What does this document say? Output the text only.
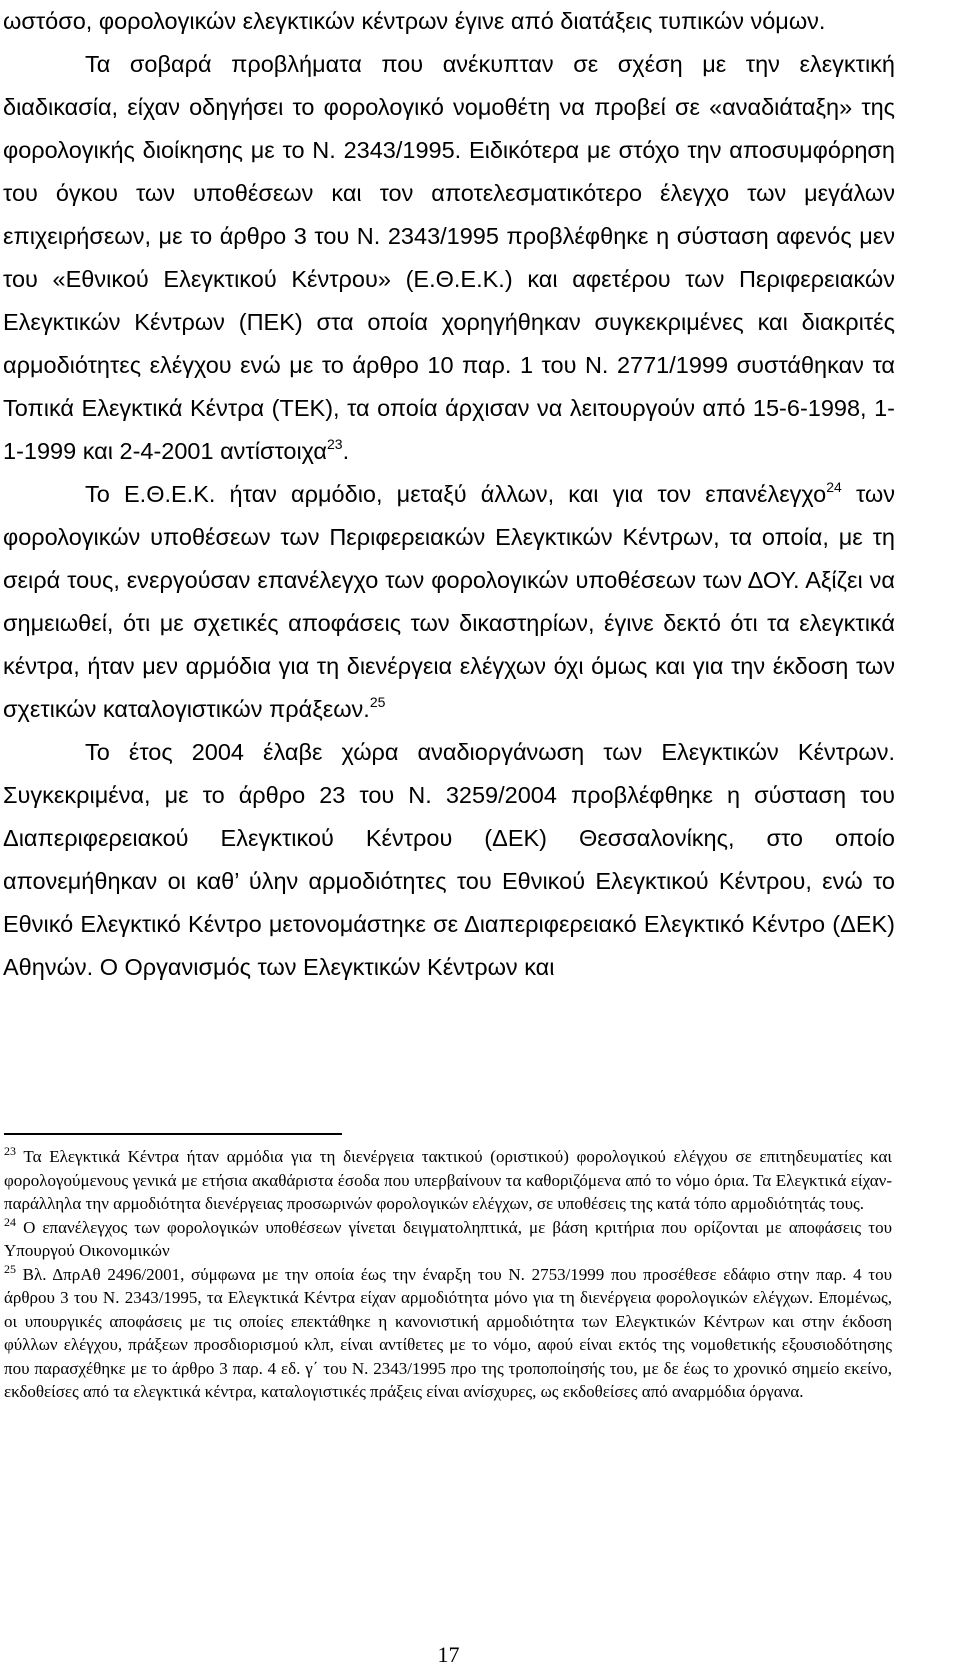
ωστόσο, φορολογικών ελεγκτικών κέντρων έγινε από διατάξεις τυπικών νόμων.

Τα σοβαρά προβλήματα που ανέκυπταν σε σχέση με την ελεγκτική διαδικασία, είχαν οδηγήσει το φορολογικό νομοθέτη να προβεί σε «αναδιάταξη» της φορολογικής διοίκησης με το Ν. 2343/1995. Ειδικότερα με στόχο την αποσυμφόρηση του όγκου των υποθέσεων και τον αποτελεσματικότερο έλεγχο των μεγάλων επιχειρήσεων, με το άρθρο 3 του Ν. 2343/1995 προβλέφθηκε η σύσταση αφενός μεν του «Εθνικού Ελεγκτικού Κέντρου» (Ε.Θ.Ε.Κ.) και αφετέρου των Περιφερειακών Ελεγκτικών Κέντρων (ΠΕΚ) στα οποία χορηγήθηκαν συγκεκριμένες και διακριτές αρμοδιότητες ελέγχου ενώ με το άρθρο 10 παρ. 1 του Ν. 2771/1999 συστάθηκαν τα Τοπικά Ελεγκτικά Κέντρα (ΤΕΚ), τα οποία άρχισαν να λειτουργούν από 15-6-1998, 1-1-1999 και 2-4-2001 αντίστοιχα$^{23}$.

Το Ε.Θ.Ε.Κ. ήταν αρμόδιο, μεταξύ άλλων, και για τον επανέλεγχο$^{24}$ των φορολογικών υποθέσεων των Περιφερειακών Ελεγκτικών Κέντρων, τα οποία, με τη σειρά τους, ενεργούσαν επανέλεγχο των φορολογικών υποθέσεων των ΔΟΥ. Αξίζει να σημειωθεί, ότι με σχετικές αποφάσεις των δικαστηρίων, έγινε δεκτό ότι τα ελεγκτικά κέντρα, ήταν μεν αρμόδια για τη διενέργεια ελέγχων όχι όμως και για την έκδοση των σχετικών καταλογιστικών πράξεων.$^{25}$

Το έτος 2004 έλαβε χώρα αναδιοργάνωση των Ελεγκτικών Κέντρων. Συγκεκριμένα, με το άρθρο 23 του Ν. 3259/2004 προβλέφθηκε η σύσταση του Διαπεριφερειακού Ελεγκτικού Κέντρου (ΔΕΚ) Θεσσαλονίκης, στο οποίο απονεμήθηκαν οι καθ’ ύλην αρμοδιότητες του Εθνικού Ελεγκτικού Κέντρου, ενώ το Εθνικό Ελεγκτικό Κέντρο μετονομάστηκε σε Διαπεριφερειακό Ελεγκτικό Κέντρο (ΔΕΚ) Αθηνών. Ο Οργανισμός των Ελεγκτικών Κέντρων και

$^{23}$ Τα Ελεγκτικά Κέντρα ήταν αρμόδια για τη διενέργεια τακτικού (οριστικού) φορολογικού ελέγχου σε επιτηδευματίες και φορολογούμενους γενικά με ετήσια ακαθάριστα έσοδα που υπερβαίνουν τα καθοριζόμενα από το νόμο όρια. Τα Ελεγκτικά είχαν- παράλληλα την αρμοδιότητα διενέργειας προσωρινών φορολογικών ελέγχων, σε υποθέσεις της κατά τόπο αρμοδιότητάς τους.

$^{24}$ Ο επανέλεγχος των φορολογικών υποθέσεων γίνεται δειγματοληπτικά, με βάση κριτήρια που ορίζονται με αποφάσεις του Υπουργού Οικονομικών

$^{25}$ Βλ. ΔπρΑθ 2496/2001, σύμφωνα με την οποία έως την έναρξη του Ν. 2753/1999 που προσέθεσε εδάφιο στην παρ. 4 του άρθρου 3 του Ν. 2343/1995, τα Ελεγκτικά Κέντρα είχαν αρμοδιότητα μόνο για τη διενέργεια φορολογικών ελέγχων. Επομένως, οι υπουργικές αποφάσεις με τις οποίες επεκτάθηκε η κανονιστική αρμοδιότητα των Ελεγκτικών Κέντρων και στην έκδοση φύλλων ελέγχου, πράξεων προσδιορισμού κλπ, είναι αντίθετες με το νόμο, αφού είναι εκτός της νομοθετικής εξουσιοδότησης που παρασχέθηκε με το άρθρο 3 παρ. 4 εδ. γ΄ του Ν. 2343/1995 προ της τροποποίησής του, με δε έως το χρονικό σημείο εκείνο, εκδοθείσες από τα ελεγκτικά κέντρα, καταλογιστικές πράξεις είναι ανίσχυρες, ως εκδοθείσες από αναρμόδια όργανα.

17
